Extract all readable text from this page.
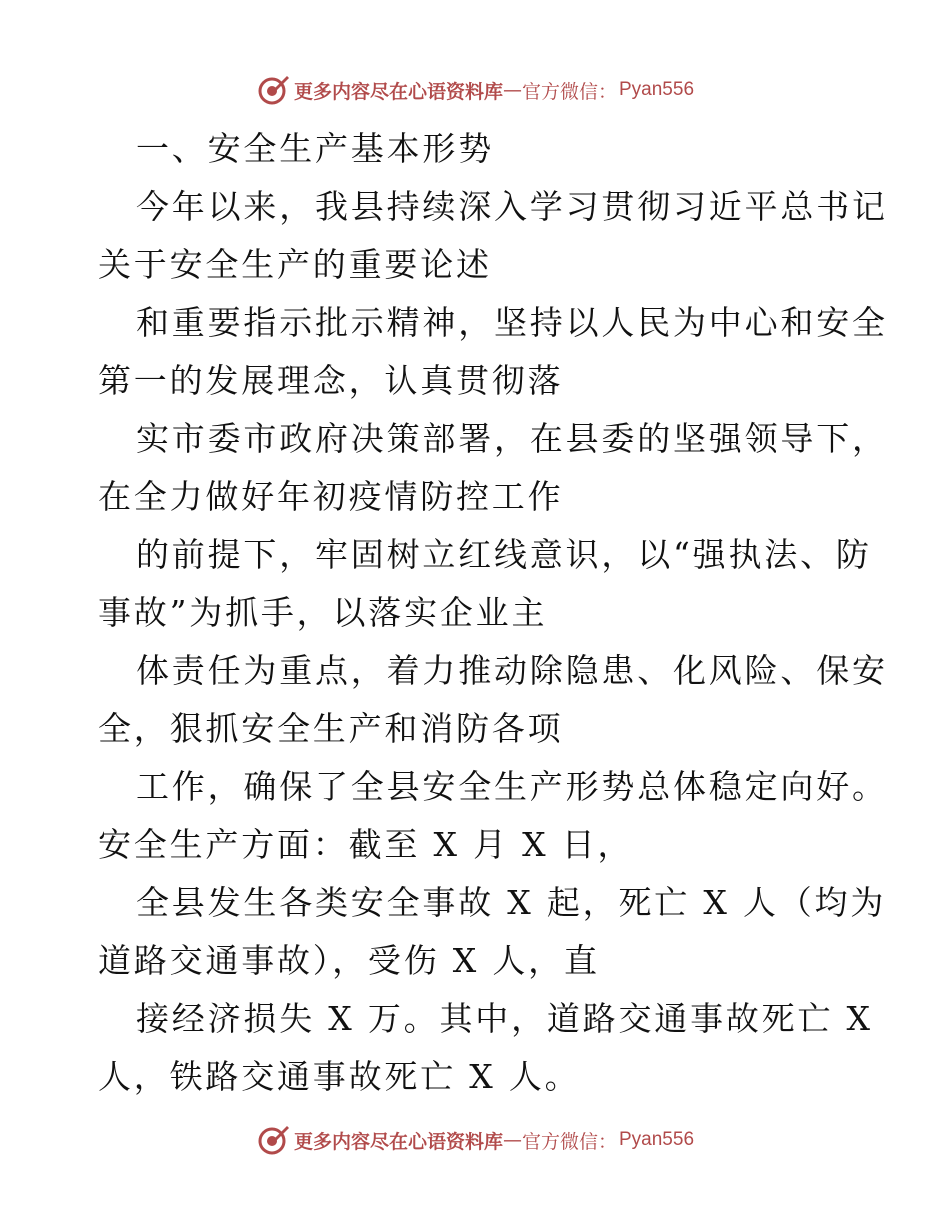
更多内容尽在心语资料库 — 官方微信： Pyan556
一、安全生产基本形势
今年以来，我县持续深入学习贯彻习近平总书记
关于安全生产的重要论述
和重要指示批示精神，坚持以人民为中心和安全
第一的发展理念，认真贯彻落
实市委市政府决策部署，在县委的坚强领导下，
在全力做好年初疫情防控工作
的前提下，牢固树立红线意识，以“强执法、防
事故”为抓手，以落实企业主
体责任为重点，着力推动除隐患、化风险、保安
全，狠抓安全生产和消防各项
工作，确保了全县安全生产形势总体稳定向好。
安全生产方面：截至 X 月 X 日，
全县发生各类安全事故 X 起，死亡 X 人（均为
道路交通事故），受伤 X 人，直
接经济损失 X 万。其中，道路交通事故死亡 X
人，铁路交通事故死亡 X 人。
更多内容尽在心语资料库 — 官方微信： Pyan556
